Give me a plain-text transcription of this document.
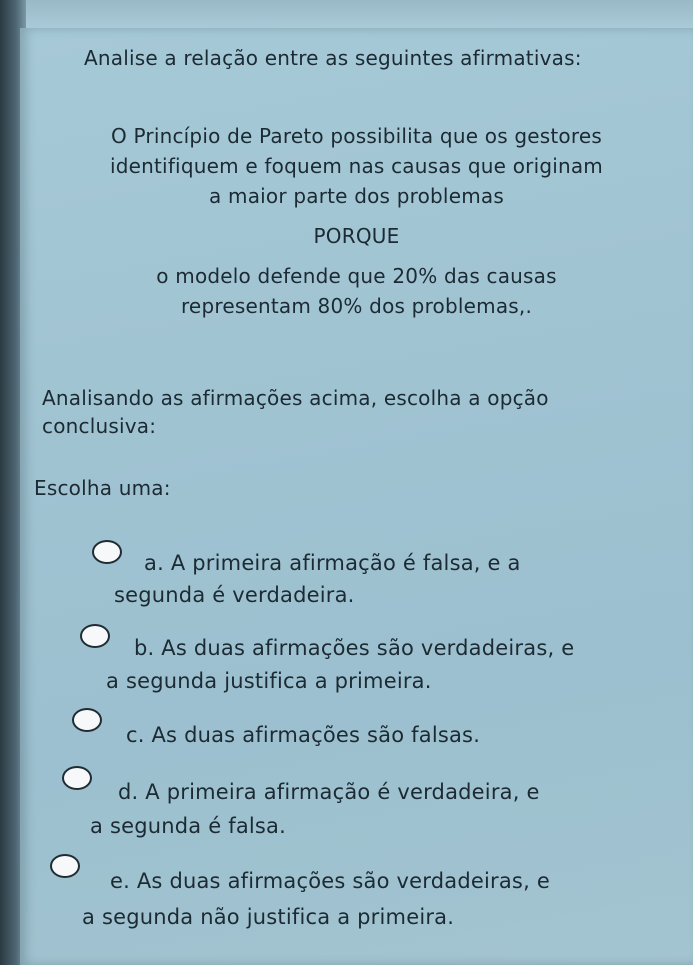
Analise a relação entre as seguintes afirmativas:
O Princípio de Pareto possibilita que os gestores
identifiquem e foquem nas causas que originam
a maior parte dos problemas
PORQUE
o modelo defende que 20% das causas
representam 80% dos problemas,.
Analisando as afirmações acima, escolha a opção
conclusiva:
Escolha uma:
a. A primeira afirmação é falsa, e a
segunda é verdadeira.
b. As duas afirmações são verdadeiras, e
a segunda justifica a primeira.
c. As duas afirmações são falsas.
d. A primeira afirmação é verdadeira, e
a segunda é falsa.
e. As duas afirmações são verdadeiras, e
a segunda não justifica a primeira.
